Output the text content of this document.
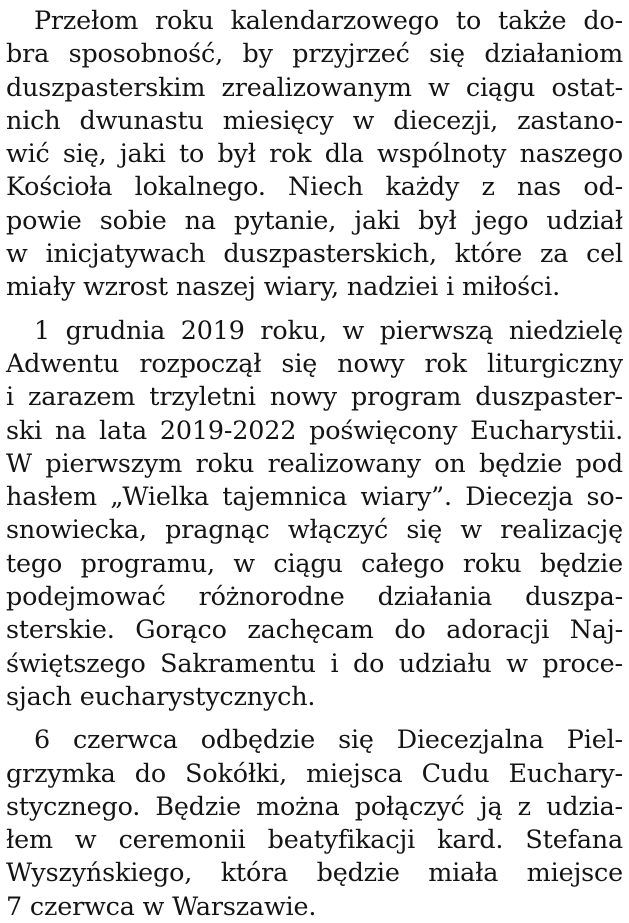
Przełom roku kalendarzowego to także do-
bra sposobność, by przyjrzeć się działaniom
duszpasterskim zrealizowanym w ciągu ostat-
nich dwunastu miesięcy w diecezji, zastano-
wić się, jaki to był rok dla wspólnoty naszego
Kościoła lokalnego. Niech każdy z nas od-
powie sobie na pytanie, jaki był jego udział
w inicjatywach duszpasterskich, które za cel
miały wzrost naszej wiary, nadziei i miłości.

1 grudnia 2019 roku, w pierwszą niedzielę
Adwentu rozpoczął się nowy rok liturgiczny
i zarazem trzyletni nowy program duszpaster-
ski na lata 2019-2022 poświęcony Eucharystii.
W pierwszym roku realizowany on będzie pod
hasłem „Wielka tajemnica wiary”. Diecezja so-
snowiecka, pragnąc włączyć się w realizację
tego programu, w ciągu całego roku będzie
podejmować różnorodne działania duszpa-
sterskie. Gorąco zachęcam do adoracji Naj-
świętszego Sakramentu i do udziału w proce-
sjach eucharystycznych.

6 czerwca odbędzie się Diecezjalna Piel-
grzymka do Sokółki, miejsca Cudu Euchary-
stycznego. Będzie można połączyć ją z udzia-
łem w ceremonii beatyfikacji kard. Stefana
Wyszyńskiego, która będzie miała miejsce
7 czerwca w Warszawie.
